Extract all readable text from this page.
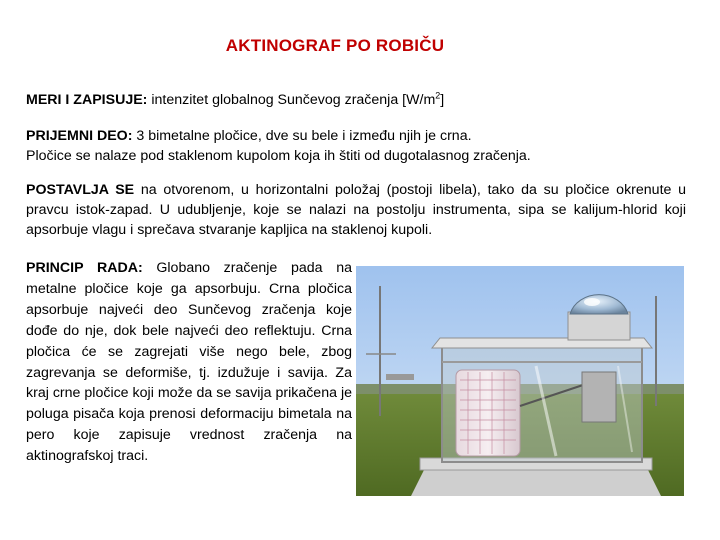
AKTINOGRAF PO ROBIČU
MERI I ZAPISUJE: intenzitet globalnog Sunčevog zračenja $[W/m^2]$
PRIJEMNI DEO: 3 bimetalne pločice, dve su bele i između njih je crna.
Pločice se nalaze pod staklenom kupolom koja ih štiti od dugotalasnog zračenja.
POSTAVLJA SE na otvorenom, u horizontalni položaj (postoji libela), tako da su pločice okrenute u pravcu istok-zapad. U udubljenje, koje se nalazi na postolju instrumenta, sipa se kalijum-hlorid koji apsorbuje vlagu i sprečava stvaranje kapljica na staklenoj kupoli.
PRINCIP RADA: Globano zračenje pada na metalne pločice koje ga apsorbuju. Crna pločica apsorbuje najveći deo Sunčevog zračenja koje dođe do nje, dok bele najveći deo reflektuju. Crna pločica će se zagrejati više nego bele, zbog zagrevanja se deformiše, tj. izdužuje i savija. Za kraj crne pločice koji može da se savija prikačena je poluga pisača koja prenosi deformaciju bimetala na pero koje zapisuje vrednost zračenja na aktinografskoj traci.
